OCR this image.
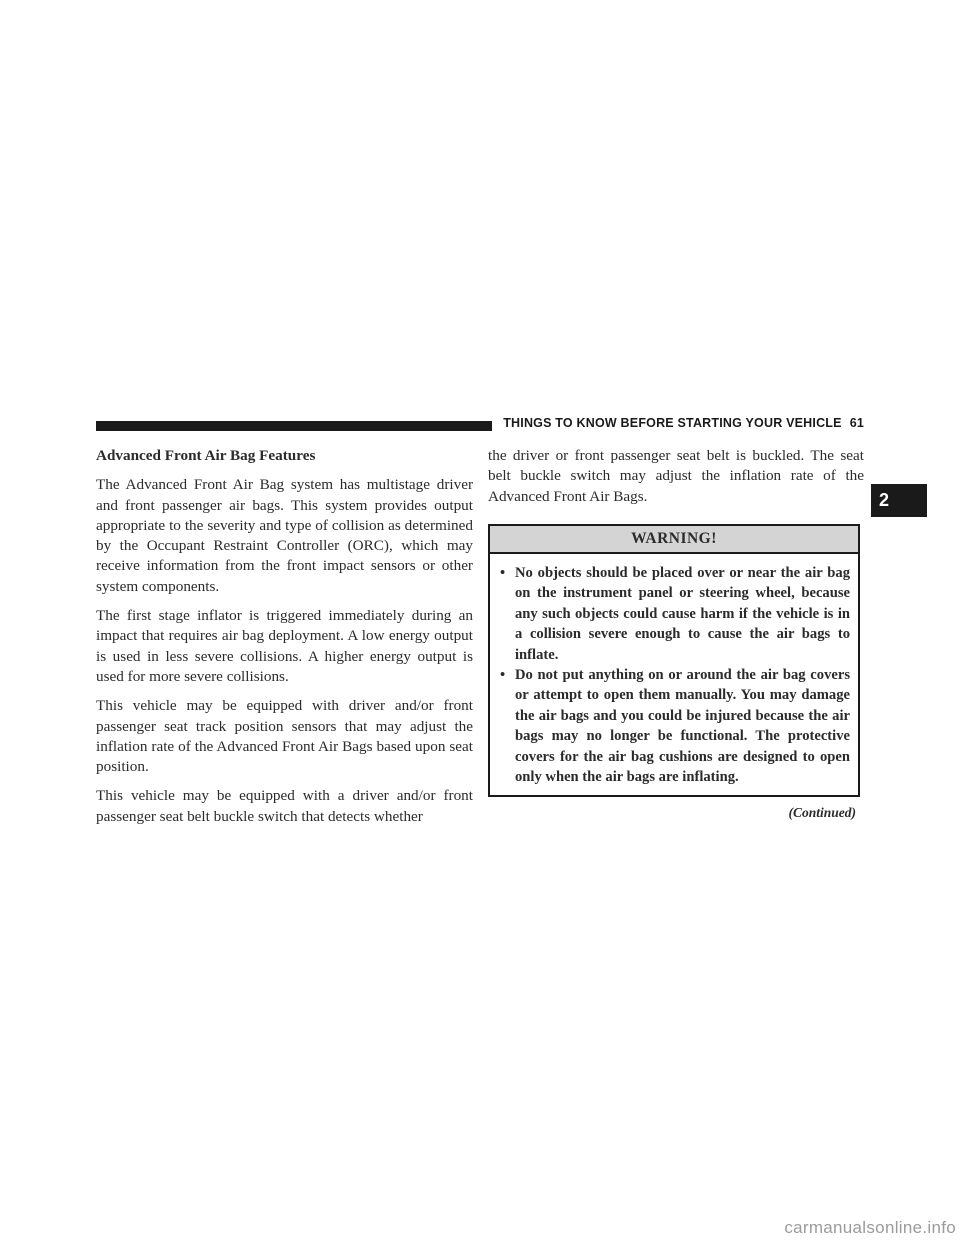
THINGS TO KNOW BEFORE STARTING YOUR VEHICLE 61
2
Advanced Front Air Bag Features

The Advanced Front Air Bag system has multistage driver and front passenger air bags. This system provides output appropriate to the severity and type of collision as determined by the Occupant Restraint Controller (ORC), which may receive information from the front impact sensors or other system components.

The first stage inflator is triggered immediately during an impact that requires air bag deployment. A low energy output is used in less severe collisions. A higher energy output is used for more severe collisions.

This vehicle may be equipped with driver and/or front passenger seat track position sensors that may adjust the inflation rate of the Advanced Front Air Bags based upon seat position.

This vehicle may be equipped with a driver and/or front passenger seat belt buckle switch that detects whether

the driver or front passenger seat belt is buckled. The seat belt buckle switch may adjust the inflation rate of the Advanced Front Air Bags.

WARNING!
• No objects should be placed over or near the air bag on the instrument panel or steering wheel, because any such objects could cause harm if the vehicle is in a collision severe enough to cause the air bags to inflate.
• Do not put anything on or around the air bag covers or attempt to open them manually. You may damage the air bags and you could be injured because the air bags may no longer be functional. The protective covers for the air bag cushions are designed to open only when the air bags are inflating.
(Continued)
carmanualsonline.info
